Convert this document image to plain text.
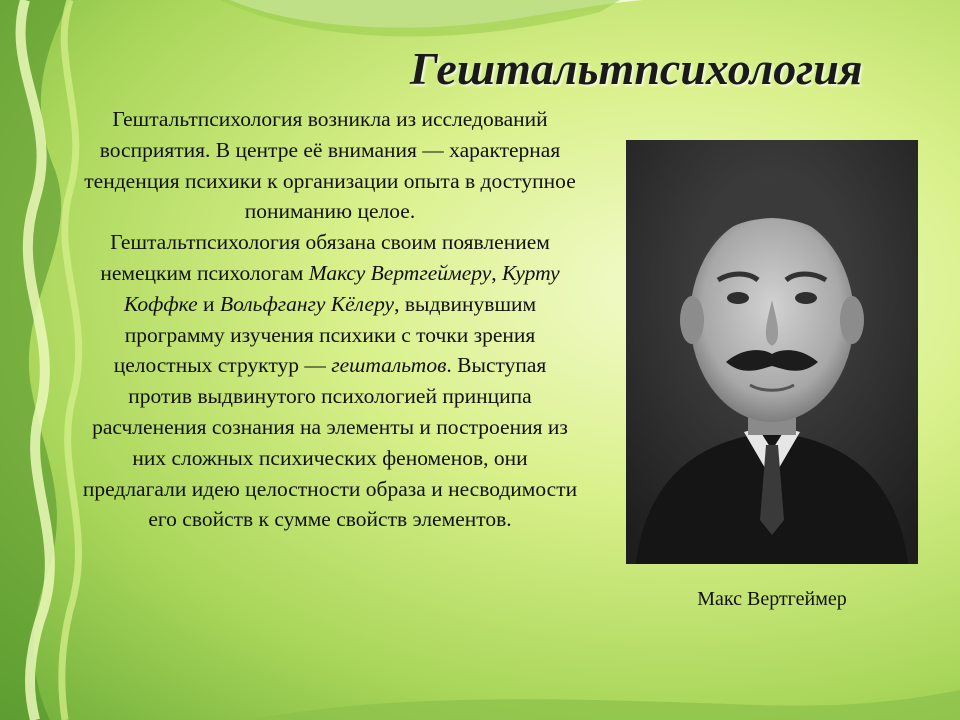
Гештальтпсихология

Гештальтпсихология возникла из исследований восприятия. В центре её внимания — характерная тенденция психики к организации опыта в доступное пониманию целое.

Гештальтпсихология обязана своим появлением немецким психологам Максу Вертгеймеру, Курту Коффке и Вольфгангу Кёлеру, выдвинувшим программу изучения психики с точки зрения целостных структур — гештальтов. Выступая против выдвинутого психологией принципа расчленения сознания на элементы и построения из них сложных психических феноменов, они предлагали идею целостности образа и несводимости его свойств к сумме свойств элементов.

Макс Вертгеймер
